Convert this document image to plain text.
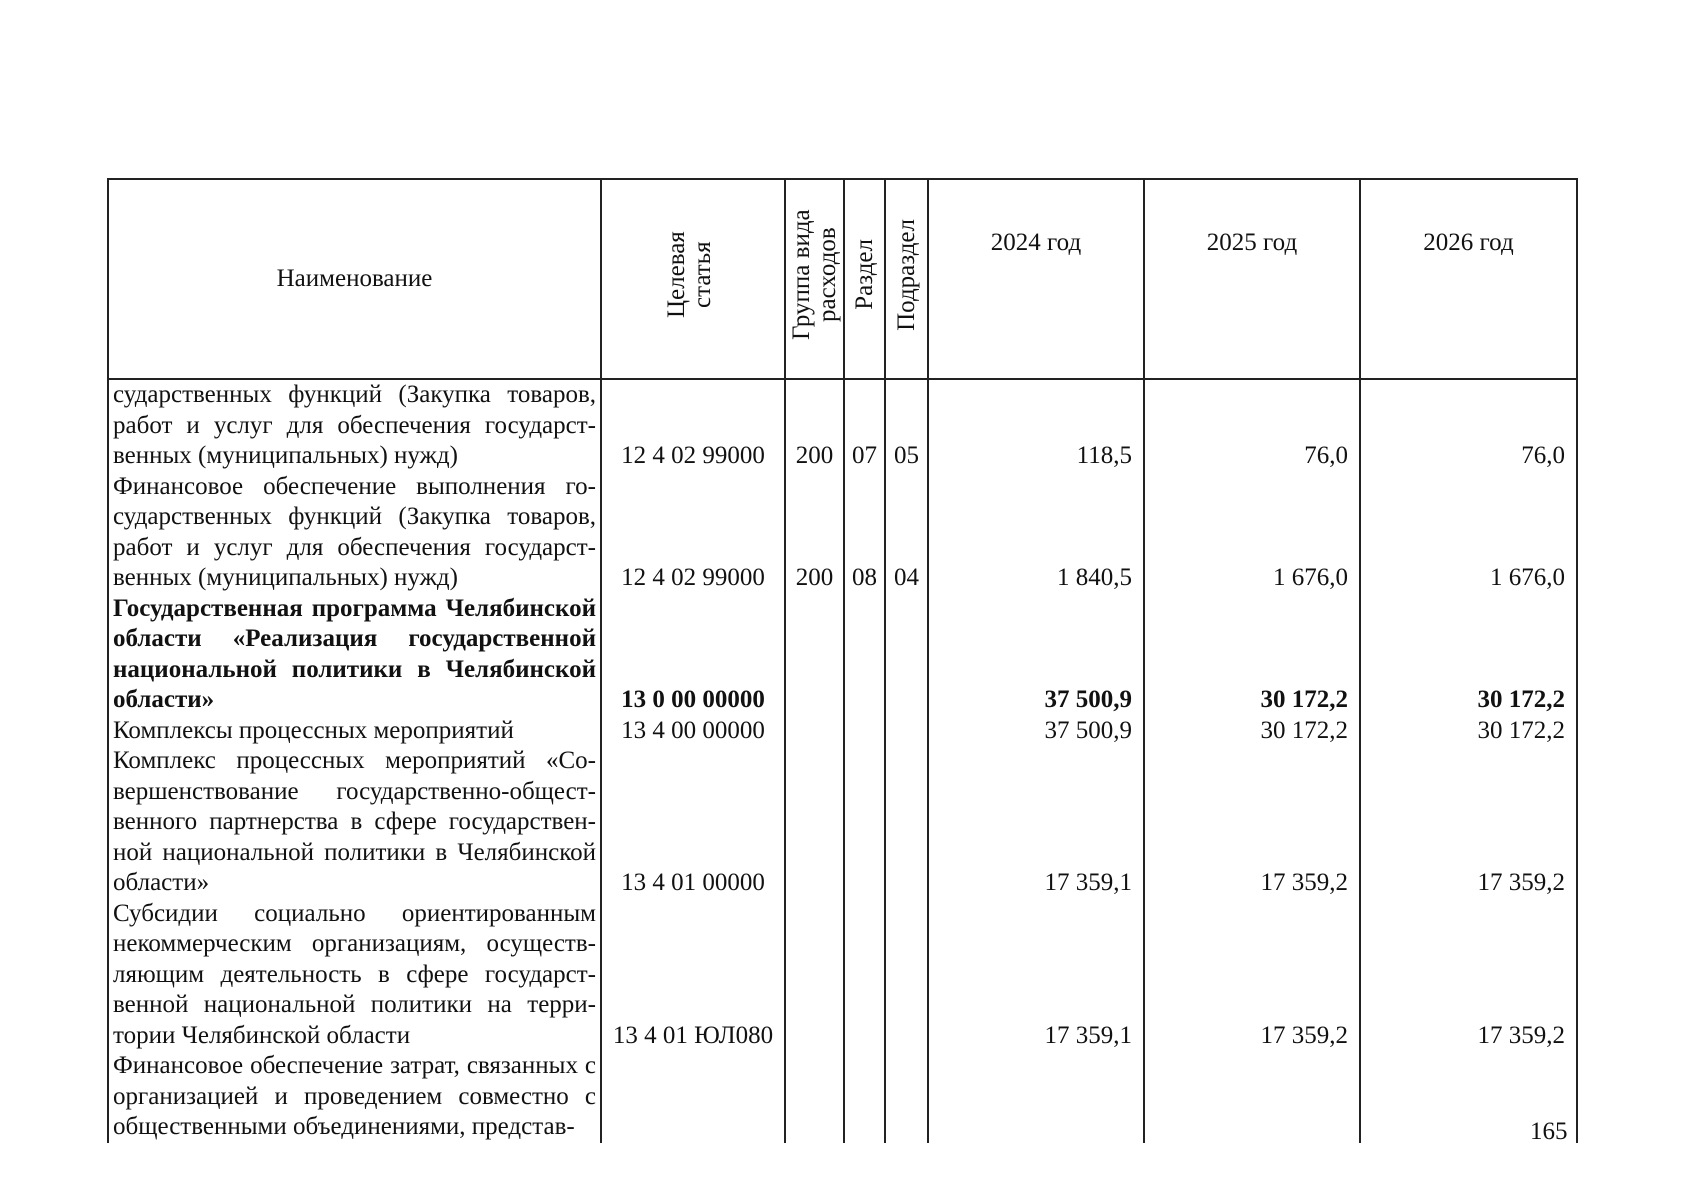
Наименование	Целевая статья	Группа вида расходов	Раздел	Подраздел	2024 год	2025 год	2026 год
сударственных функций (Закупка товаров, работ и услуг для обеспечения государственных (муниципальных) нужд)	12 4 02 99000	200	07	05	118,5	76,0	76,0
Финансовое обеспечение выполнения государственных функций (Закупка товаров, работ и услуг для обеспечения государственных (муниципальных) нужд)	12 4 02 99000	200	08	04	1 840,5	1 676,0	1 676,0
Государственная программа Челябинской области «Реализация государственной национальной политики в Челябинской области»	13 0 00 00000				37 500,9	30 172,2	30 172,2
Комплексы процессных мероприятий	13 4 00 00000				37 500,9	30 172,2	30 172,2
Комплекс процессных мероприятий «Совершенствование государственно-общественного партнерства в сфере государственной национальной политики в Челябинской области»	13 4 01 00000				17 359,1	17 359,2	17 359,2
Субсидии социально ориентированным некоммерческим организациям, осуществляющим деятельность в сфере государственной национальной политики на территории Челябинской области	13 4 01 ЮЛ080				17 359,1	17 359,2	17 359,2
Финансовое обеспечение затрат, связанных с организацией и проведением совместно с общественными объединениями, представ-								165
